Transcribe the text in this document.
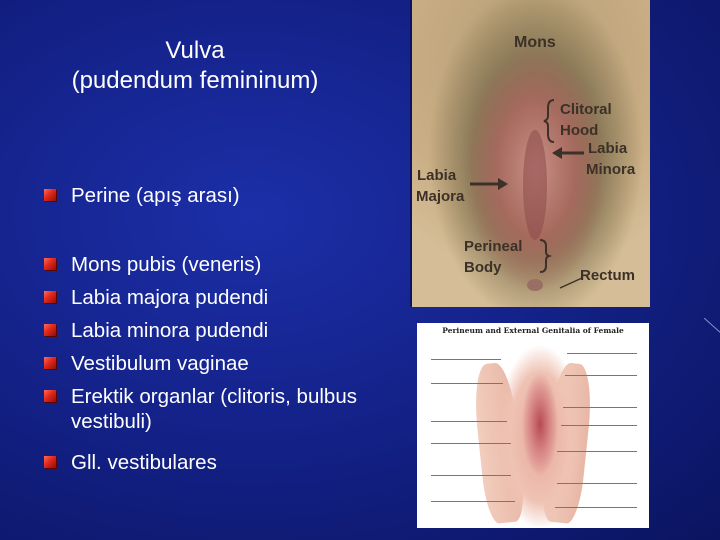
Vulva
(pudendum femininum)
Perine (apış arası)
Mons pubis (veneris)
Labia majora pudendi
Labia minora pudendi
Vestibulum vaginae
Erektik organlar (clitoris, bulbus vestibuli)
Gll. vestibulares
Mons
Clitoral
Hood
Labia
Minora
Labia
Majora
Perineal
Body	Rectum
Perineum and External Genitalia of Female
